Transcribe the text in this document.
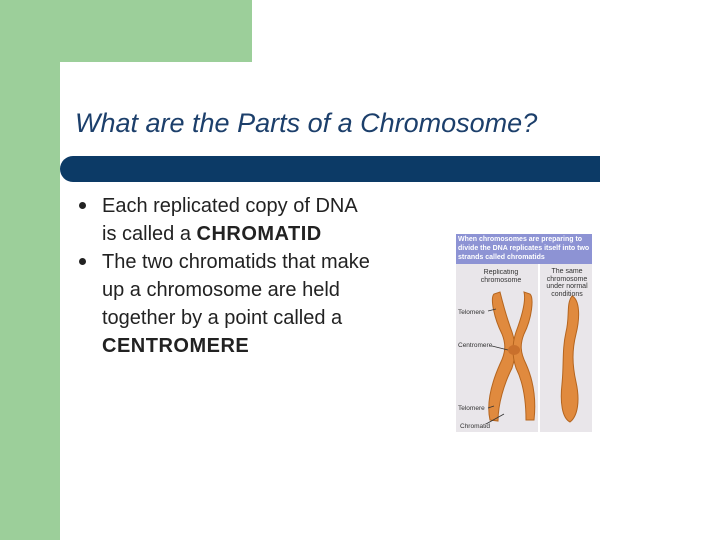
What are the Parts of a Chromosome?
Each replicated copy of DNA is called a CHROMATID
The two chromatids that make up a chromosome are held together by a point called a CENTROMERE
When chromosomes are preparing to divide the DNA replicates itself into two strands called chromatids
Replicating chromosome
The same chromosome under normal conditions
Telomere
Centromere
Telomere
Chromatid
